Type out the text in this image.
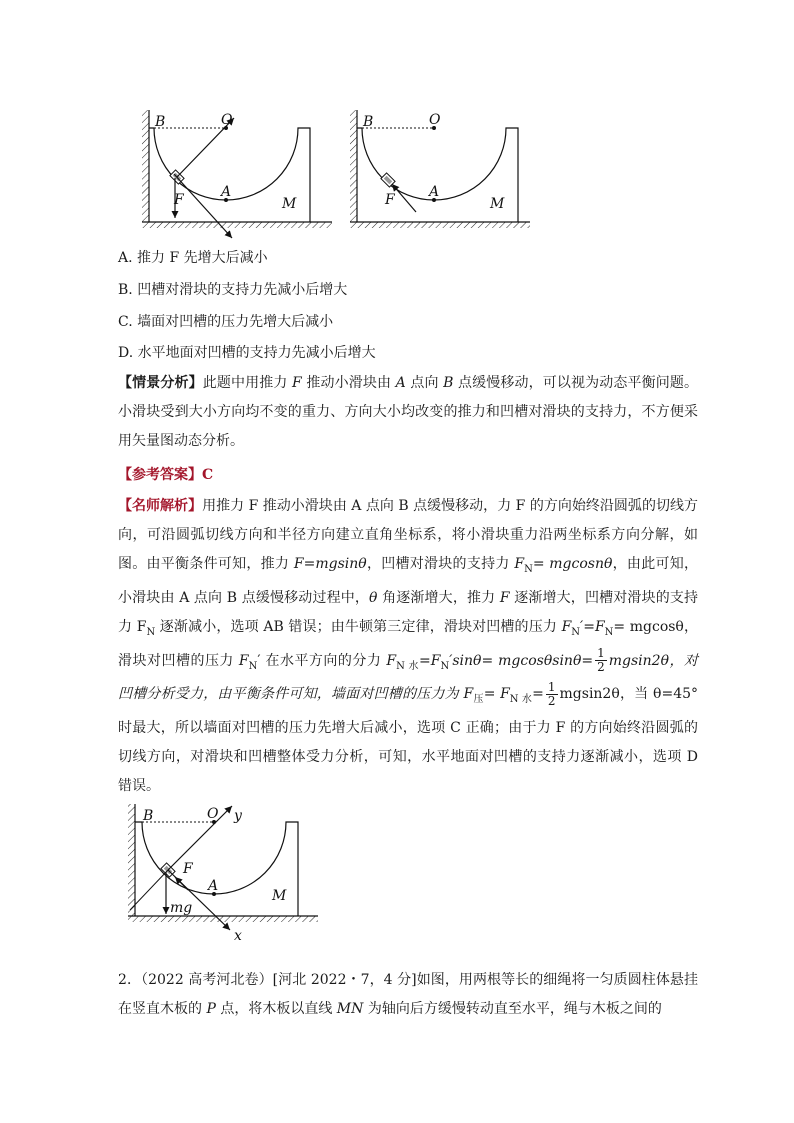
B	O
A
M
F
B	O
A
M
F
A. 推力 F 先增大后减小
B. 凹槽对滑块的支持力先减小后增大
C. 墙面对凹槽的压力先增大后减小
D. 水平地面对凹槽的支持力先减小后增大
【情景分析】此题中用推力 F 推动小滑块由 A 点向 B 点缓慢移动，可以视为动态平衡问题。小滑块受到大小方向均不变的重力、方向大小均改变的推力和凹槽对滑块的支持力，不方便采用矢量图动态分析。
【参考答案】C
【名师解析】用推力 F 推动小滑块由 A 点向 B 点缓慢移动，力 F 的方向始终沿圆弧的切线方向，可沿圆弧切线方向和半径方向建立直角坐标系，将小滑块重力沿两坐标系方向分解，如图。由平衡条件可知，推力 F=mgsinθ，凹槽对滑块的支持力 $F_N= mgcosn\theta$，由此可知，小滑块由 A 点向 B 点缓慢移动过程中，θ 角逐渐增大，推力 F 逐渐增大，凹槽对滑块的支持力 $F_N$ 逐渐减小，选项 AB 错误；由牛顿第三定律，滑块对凹槽的压力 $F_N'=F_N= mgcos\theta$，滑块对凹槽的压力 $F_N'$ 在水平方向的分力 $F_{N 水}=F_N'\sin\theta= mgcos\theta\sin\theta= \frac{1}{2} mgsin2\theta$，对凹槽分析受力，由平衡条件可知，墙面对凹槽的压力为 $F_压= F_{N 水}= \frac{1}{2} mgsin2\theta$，当 θ=45°时最大，所以墙面对凹槽的压力先增大后减小，选项 C 正确；由于力 F 的方向始终沿圆弧的切线方向，对滑块和凹槽整体受力分析，可知，水平地面对凹槽的支持力逐渐减小，选项 D 错误。
B	O y
A
M
F
mg
x
2．（2022 高考河北卷）[河北 2022・7，4 分]如图，用两根等长的细绳将一匀质圆柱体悬挂在竖直木板的 P 点，将木板以直线 MN 为轴向后方缓慢转动直至水平，绳与木板之间的
